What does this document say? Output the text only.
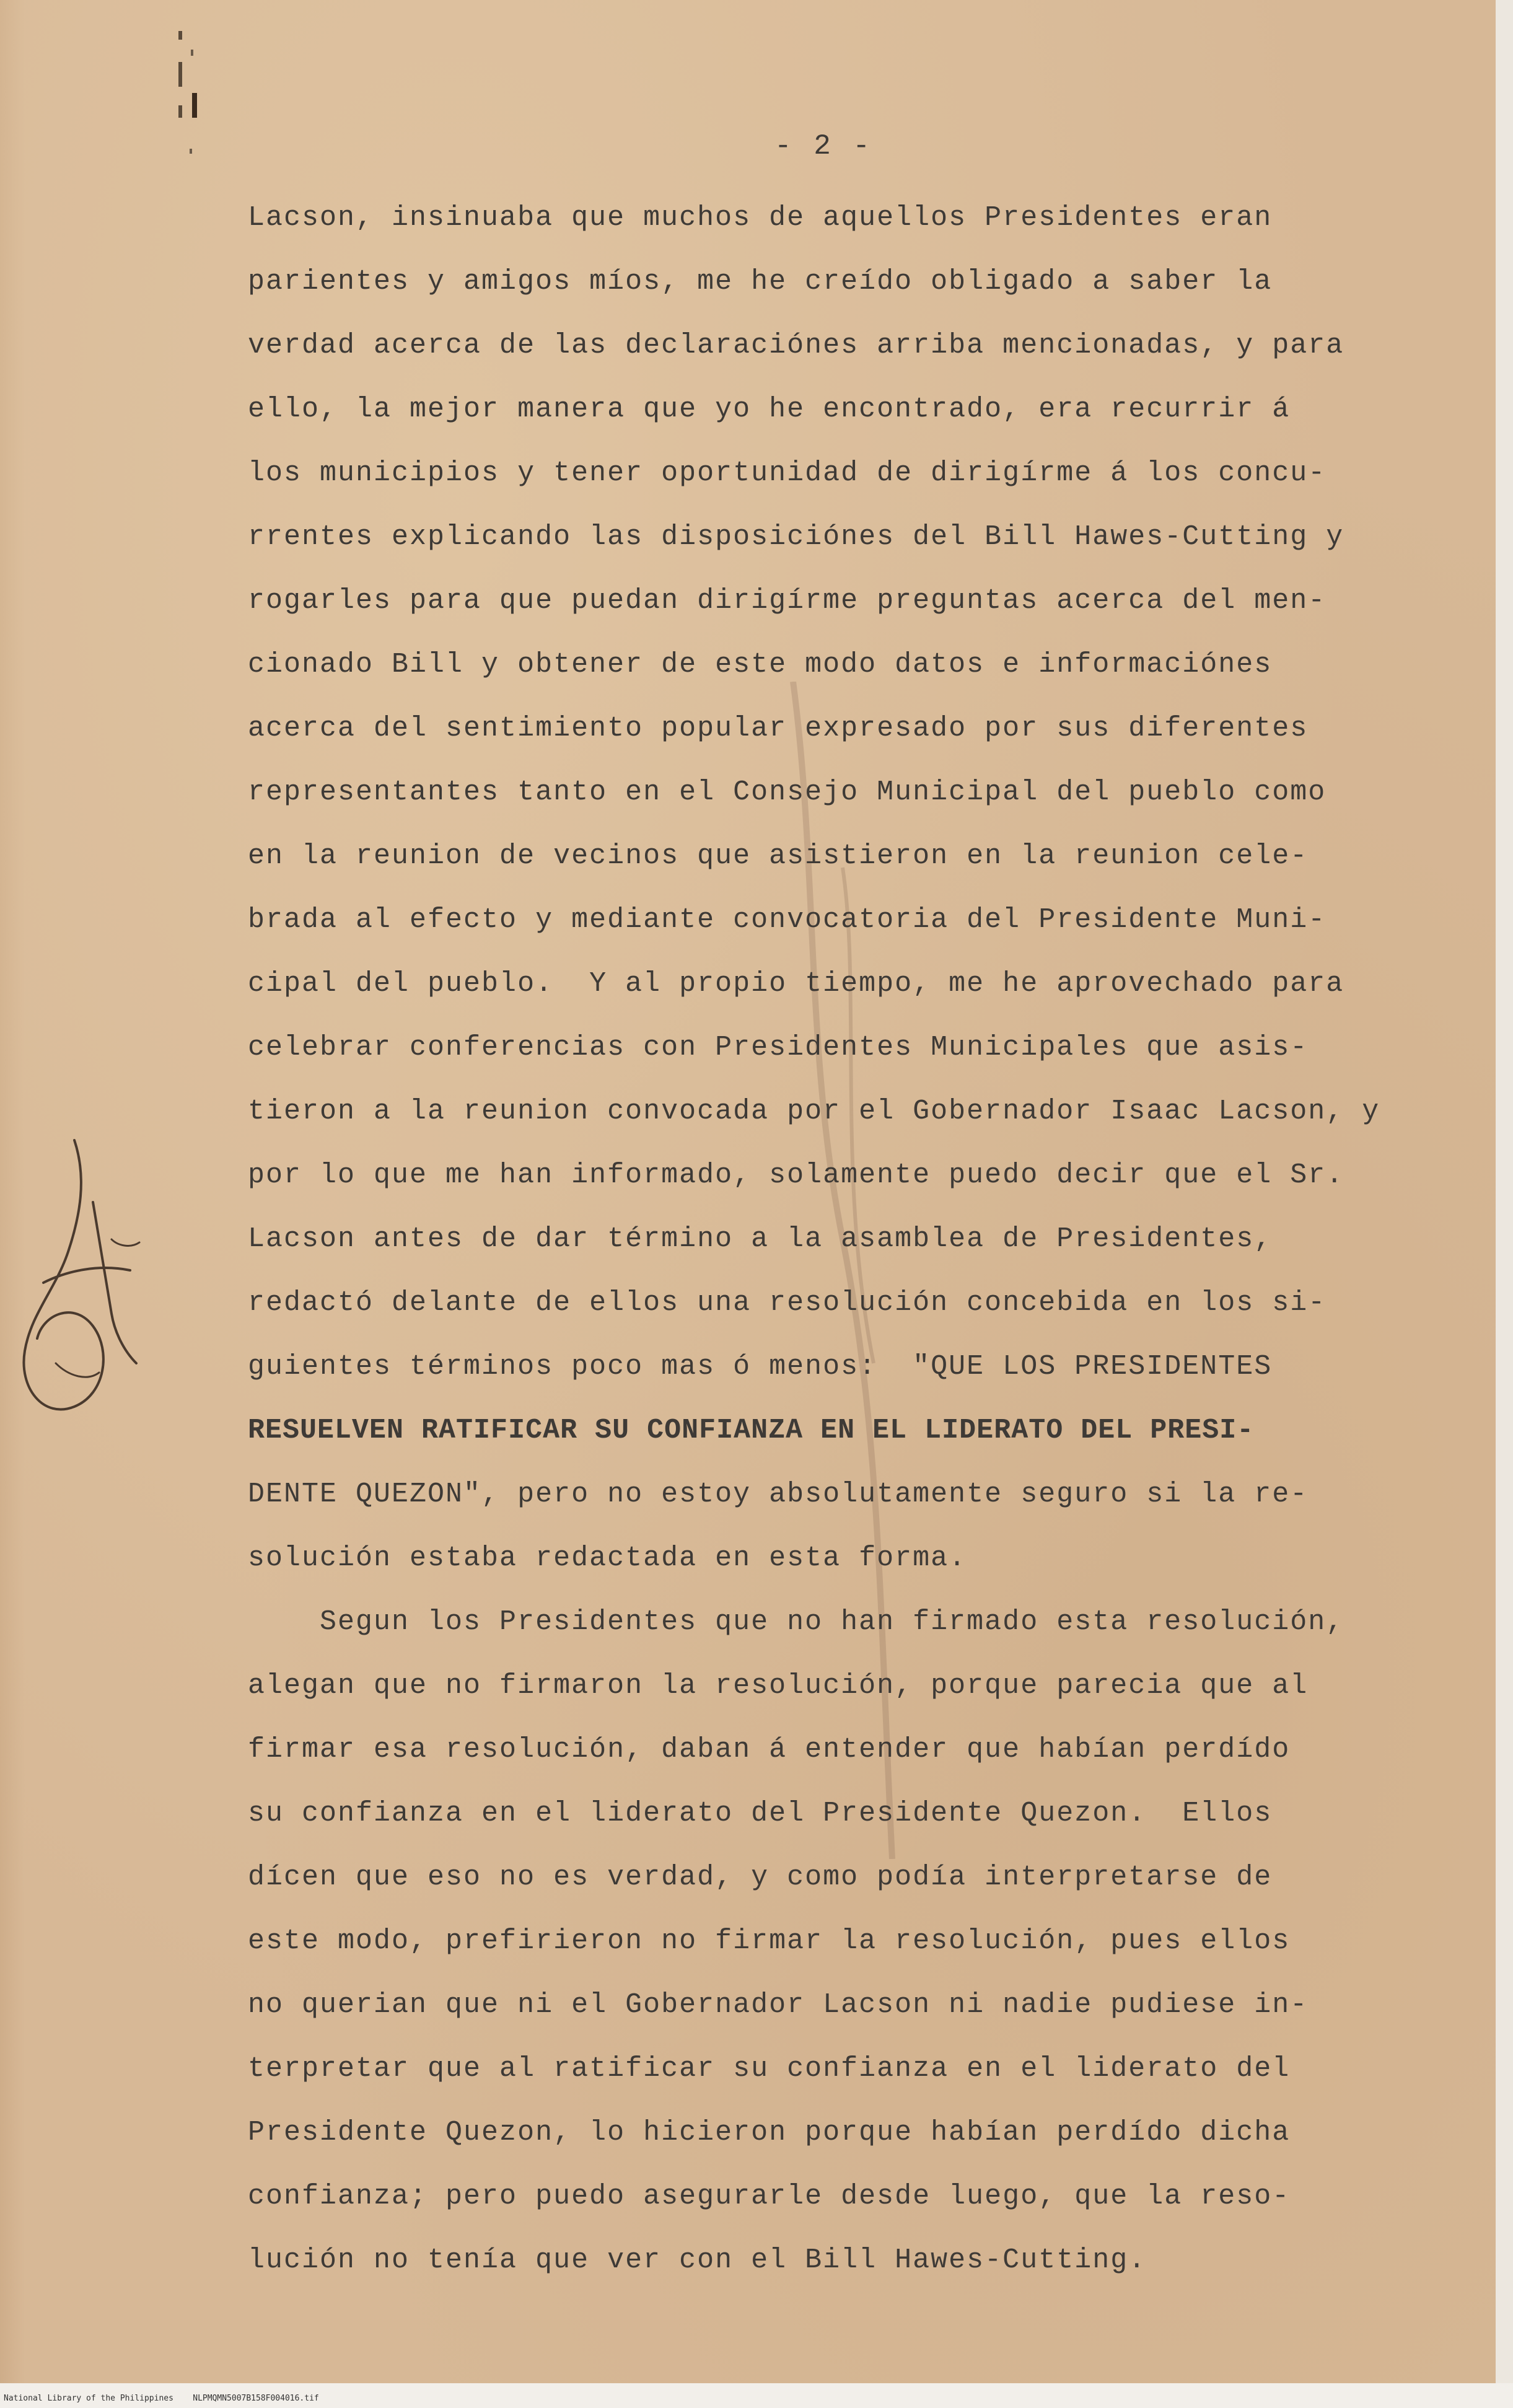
- 2 -
Lacson, insinuaba que muchos de aquellos Presidentes eran
parientes y amigos míos, me he creído obligado a saber la
verdad acerca de las declaraciónes arriba mencionadas, y para
ello, la mejor manera que yo he encontrado, era recurrir á
los municipios y tener oportunidad de dirigírme á los concu-
rrentes explicando las disposiciónes del Bill Hawes-Cutting y
rogarles para que puedan dirigírme preguntas acerca del men-
cionado Bill y obtener de este modo datos e informaciónes
acerca del sentimiento popular expresado por sus diferentes
representantes tanto en el Consejo Municipal del pueblo como
en la reunion de vecinos que asistieron en la reunion cele-
brada al efecto y mediante convocatoria del Presidente Muni-
cipal del pueblo.  Y al propio tiempo, me he aprovechado para
celebrar conferencias con Presidentes Municipales que asis-
tieron a la reunion convocada por el Gobernador Isaac Lacson, y
por lo que me han informado, solamente puedo decir que el Sr.
Lacson antes de dar término a la asamblea de Presidentes,
redactó delante de ellos una resolución concebida en los si-
guientes términos poco mas ó menos:  "QUE LOS PRESIDENTES
RESUELVEN RATIFICAR SU CONFIANZA EN EL LIDERATO DEL PRESI-
DENTE QUEZON", pero no estoy absolutamente seguro si la re-
solución estaba redactada en esta forma.
Segun los Presidentes que no han firmado esta resolución,
alegan que no firmaron la resolución, porque parecia que al
firmar esa resolución, daban á entender que habían perdído
su confianza en el liderato del Presidente Quezon.  Ellos
dícen que eso no es verdad, y como podía interpretarse de
este modo, prefirieron no firmar la resolución, pues ellos
no querian que ni el Gobernador Lacson ni nadie pudiese in-
terpretar que al ratificar su confianza en el liderato del
Presidente Quezon, lo hicieron porque habían perdído dicha
confianza; pero puedo asegurarle desde luego, que la reso-
lución no tenía que ver con el Bill Hawes-Cutting.
National Library of the Philippines NLPMQMN5007B158F004016.tif
